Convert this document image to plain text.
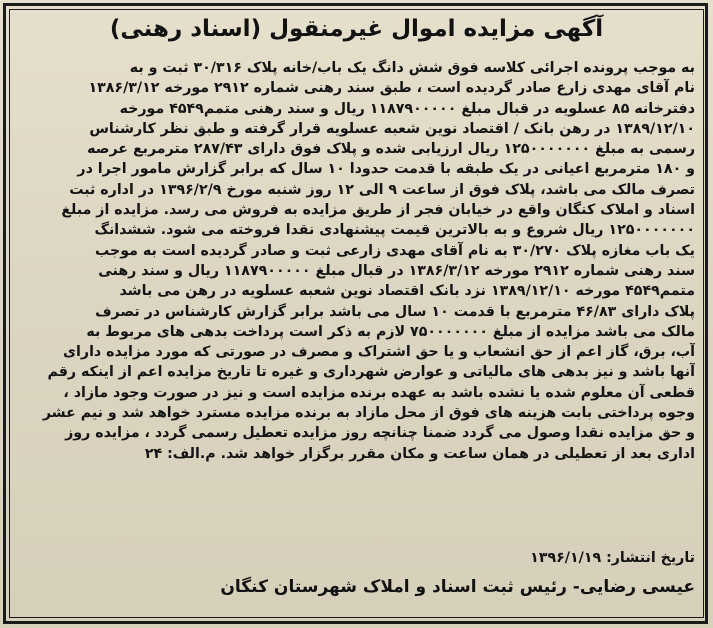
آگهی مزایده اموال غیرمنقول (اسناد رهنی)
به موجب پرونده اجرائی کلاسه فوق شش دانگ یک باب/خانه پلاک ۳۰/۳۱۶ ثبت و به
نام آقای مهدی زارع صادر گردیده است ، طبق سند رهنی شماره ۲۹۱۲ مورخه ۱۳۸۶/۳/۱۲
دفترخانه ۸۵ عسلویه در قبال مبلغ ۱۱۸۷۹۰۰۰۰۰ ریال و سند رهنی متمم۴۵۴۹ مورخه
۱۳۸۹/۱۲/۱۰ در رهن بانک / اقتصاد نوین شعبه عسلویه قرار گرفته و طبق نظر کارشناس
رسمی به مبلغ ۱۲۵۰۰۰۰۰۰۰ ریال ارزیابی شده و پلاک فوق دارای ۲۸۷/۴۳ مترمربع عرصه
و ۱۸۰ مترمربع اعیانی در یک طبقه با قدمت حدودا ۱۰ سال که برابر گزارش مامور اجرا در
تصرف مالک می باشد، پلاک فوق از ساعت ۹ الی ۱۲ روز شنبه مورخ ۱۳۹۶/۲/۹ در اداره ثبت
اسناد و املاک کنگان واقع در خیابان فجر از طریق مزایده به فروش می رسد. مزایده از مبلغ
۱۲۵۰۰۰۰۰۰۰ ریال شروع و به بالاترین قیمت پیشنهادی نقدا فروخته می شود. ششدانگ
یک باب مغازه پلاک ۳۰/۲۷۰ به نام آقای مهدی زارعی ثبت و صادر گردیده است به موجب
سند رهنی شماره ۲۹۱۲ مورخه ۱۳۸۶/۳/۱۲ در قبال مبلغ ۱۱۸۷۹۰۰۰۰۰ ریال و سند رهنی
متمم۴۵۴۹ مورخه ۱۳۸۹/۱۲/۱۰ نزد بانک اقتصاد نوین شعبه عسلویه در رهن می باشد
پلاک دارای ۴۶/۸۳ مترمربع با قدمت ۱۰ سال می باشد برابر گزارش کارشناس در تصرف
مالک می باشد مزایده از مبلغ ۷۵۰۰۰۰۰۰۰ لازم به ذکر است پرداخت بدهی های مربوط به
آب، برق، گاز اعم از حق انشعاب و یا حق اشتراک و مصرف در صورتی که مورد مزایده دارای
آنها باشد و نیز بدهی های مالیاتی و عوارض شهرداری و غیره تا تاریخ مزایده اعم از اینکه رقم
قطعی آن معلوم شده یا نشده باشد به عهده برنده مزایده است و نیز در صورت وجود مازاد ،
وجوه پرداختی بابت هزینه های فوق از محل مازاد به برنده مزایده مسترد خواهد شد و نیم عشر
و حق مزایده نقدا وصول می گردد ضمنا چنانچه روز مزایده تعطیل رسمی گردد ، مزایده روز
اداری بعد از تعطیلی در همان ساعت و مکان مقرر برگزار خواهد شد. م.الف: ۲۴
تاریخ انتشار: ۱۳۹۶/۱/۱۹
عیسی رضایی- رئیس ثبت اسناد و املاک شهرستان کنگان
